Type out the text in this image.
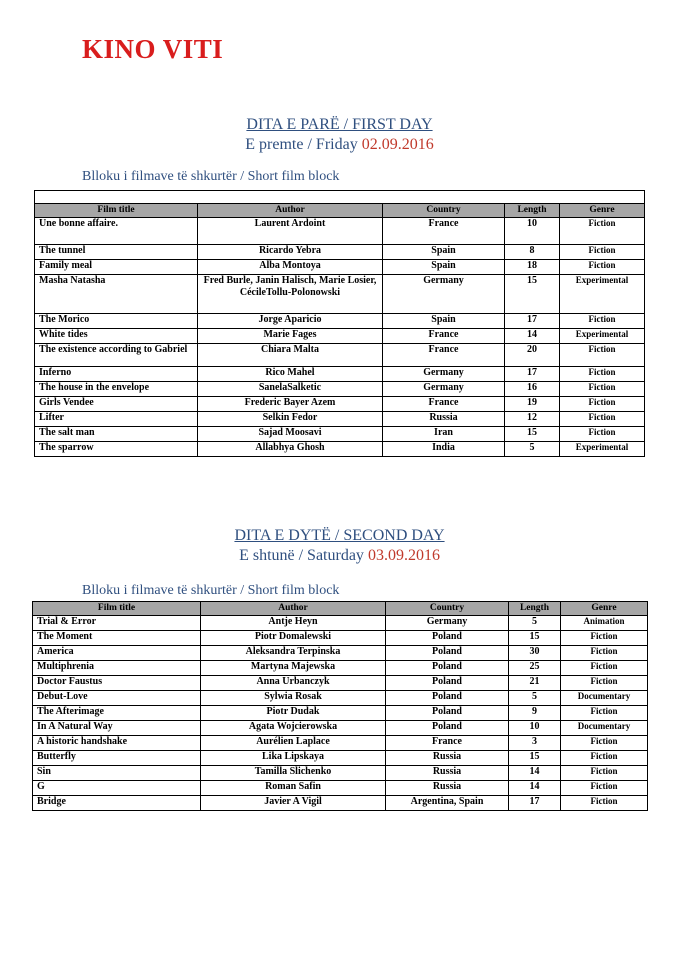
KINO VITI
DITA E PARË / FIRST DAY
E premte / Friday 02.09.2016
Blloku i filmave të shkurtër / Short film block

Film title	Author	Country	Length	Genre
Une bonne affaire.	Laurent Ardoint	France	10	Fiction
The tunnel	Ricardo Yebra	Spain	8	Fiction
Family meal	Alba Montoya	Spain	18	Fiction
Masha Natasha	Fred Burle, Janin Halisch, Marie Losier, CécileTollu-Polonowski	Germany	15	Experimental
The Morico	Jorge Aparicio	Spain	17	Fiction
White tides	Marie Fages	France	14	Experimental
The existence according to Gabriel	Chiara Malta	France	20	Fiction
Inferno	Rico Mahel	Germany	17	Fiction
The house in the envelope	SanelaSalketic	Germany	16	Fiction
Girls Vendee	Frederic Bayer Azem	France	19	Fiction
Lifter	Selkin Fedor	Russia	12	Fiction
The salt man	Sajad Moosavi	Iran	15	Fiction
The sparrow	Allabhya Ghosh	India	5	Experimental
DITA E DYTË / SECOND DAY
E shtunë / Saturday 03.09.2016
Blloku i filmave të shkurtër / Short film block
Film title	Author	Country	Length	Genre
Trial & Error	Antje Heyn	Germany	5	Animation
The Moment	Piotr Domalewski	Poland	15	Fiction
America	Aleksandra Terpinska	Poland	30	Fiction
Multiphrenia	Martyna Majewska	Poland	25	Fiction
Doctor Faustus	Anna Urbanczyk	Poland	21	Fiction
Debut-Love	Sylwia Rosak	Poland	5	Documentary
The Afterimage	Piotr Dudak	Poland	9	Fiction
In A Natural Way	Agata Wojcierowska	Poland	10	Documentary
A historic handshake	Aurélien Laplace	France	3	Fiction
Butterfly	Lika Lipskaya	Russia	15	Fiction
Sin	Tamilla Slichenko	Russia	14	Fiction
G	Roman Safin	Russia	14	Fiction
Bridge	Javier A Vigil	Argentina, Spain	17	Fiction
